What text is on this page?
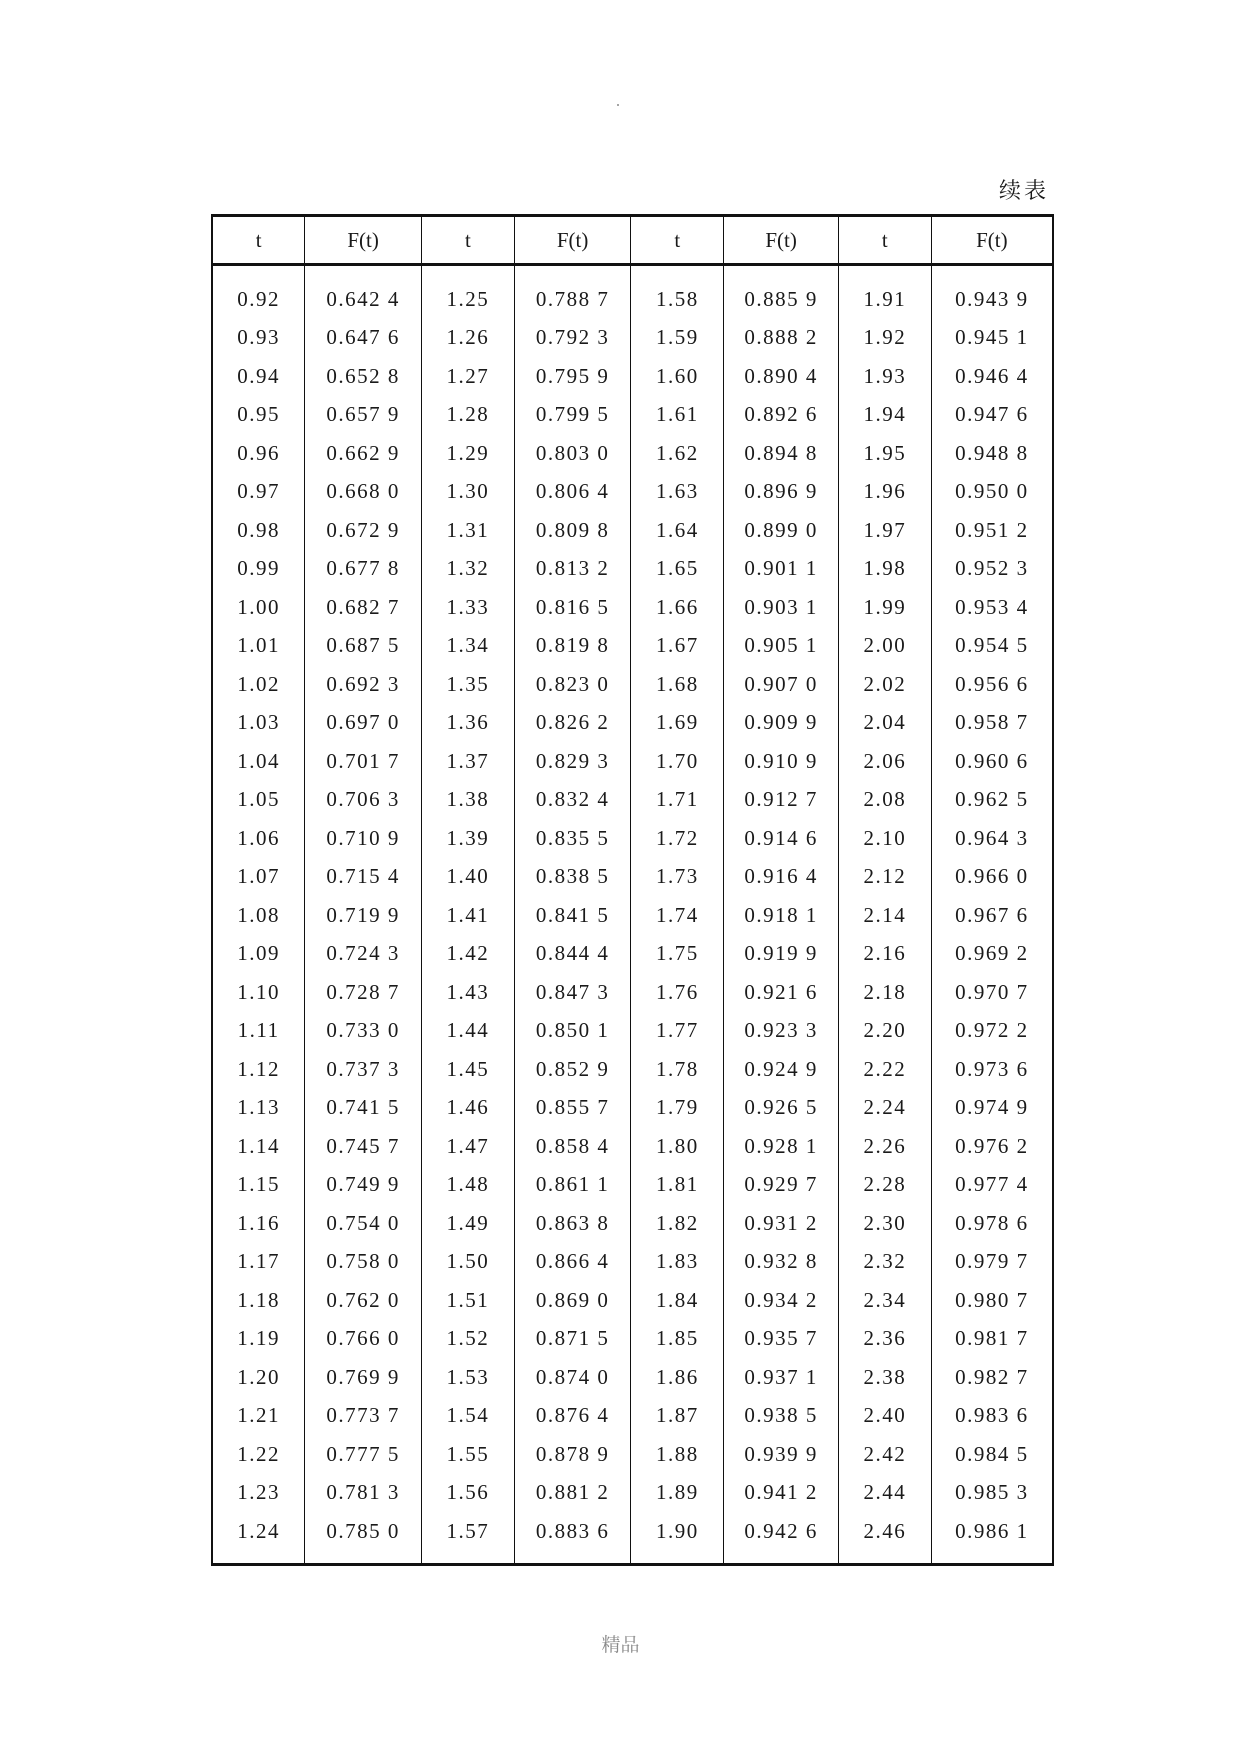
续表
t	F(t)	t	F(t)	t	F(t)	t	F(t)
0.92	0.642 4	1.25	0.788 7	1.58	0.885 9	1.91	0.943 9
0.93	0.647 6	1.26	0.792 3	1.59	0.888 2	1.92	0.945 1
0.94	0.652 8	1.27	0.795 9	1.60	0.890 4	1.93	0.946 4
0.95	0.657 9	1.28	0.799 5	1.61	0.892 6	1.94	0.947 6
0.96	0.662 9	1.29	0.803 0	1.62	0.894 8	1.95	0.948 8
0.97	0.668 0	1.30	0.806 4	1.63	0.896 9	1.96	0.950 0
0.98	0.672 9	1.31	0.809 8	1.64	0.899 0	1.97	0.951 2
0.99	0.677 8	1.32	0.813 2	1.65	0.901 1	1.98	0.952 3
1.00	0.682 7	1.33	0.816 5	1.66	0.903 1	1.99	0.953 4
1.01	0.687 5	1.34	0.819 8	1.67	0.905 1	2.00	0.954 5
1.02	0.692 3	1.35	0.823 0	1.68	0.907 0	2.02	0.956 6
1.03	0.697 0	1.36	0.826 2	1.69	0.909 9	2.04	0.958 7
1.04	0.701 7	1.37	0.829 3	1.70	0.910 9	2.06	0.960 6
1.05	0.706 3	1.38	0.832 4	1.71	0.912 7	2.08	0.962 5
1.06	0.710 9	1.39	0.835 5	1.72	0.914 6	2.10	0.964 3
1.07	0.715 4	1.40	0.838 5	1.73	0.916 4	2.12	0.966 0
1.08	0.719 9	1.41	0.841 5	1.74	0.918 1	2.14	0.967 6
1.09	0.724 3	1.42	0.844 4	1.75	0.919 9	2.16	0.969 2
1.10	0.728 7	1.43	0.847 3	1.76	0.921 6	2.18	0.970 7
1.11	0.733 0	1.44	0.850 1	1.77	0.923 3	2.20	0.972 2
1.12	0.737 3	1.45	0.852 9	1.78	0.924 9	2.22	0.973 6
1.13	0.741 5	1.46	0.855 7	1.79	0.926 5	2.24	0.974 9
1.14	0.745 7	1.47	0.858 4	1.80	0.928 1	2.26	0.976 2
1.15	0.749 9	1.48	0.861 1	1.81	0.929 7	2.28	0.977 4
1.16	0.754 0	1.49	0.863 8	1.82	0.931 2	2.30	0.978 6
1.17	0.758 0	1.50	0.866 4	1.83	0.932 8	2.32	0.979 7
1.18	0.762 0	1.51	0.869 0	1.84	0.934 2	2.34	0.980 7
1.19	0.766 0	1.52	0.871 5	1.85	0.935 7	2.36	0.981 7
1.20	0.769 9	1.53	0.874 0	1.86	0.937 1	2.38	0.982 7
1.21	0.773 7	1.54	0.876 4	1.87	0.938 5	2.40	0.983 6
1.22	0.777 5	1.55	0.878 9	1.88	0.939 9	2.42	0.984 5
1.23	0.781 3	1.56	0.881 2	1.89	0.941 2	2.44	0.985 3
1.24	0.785 0	1.57	0.883 6	1.90	0.942 6	2.46	0.986 1
精品
